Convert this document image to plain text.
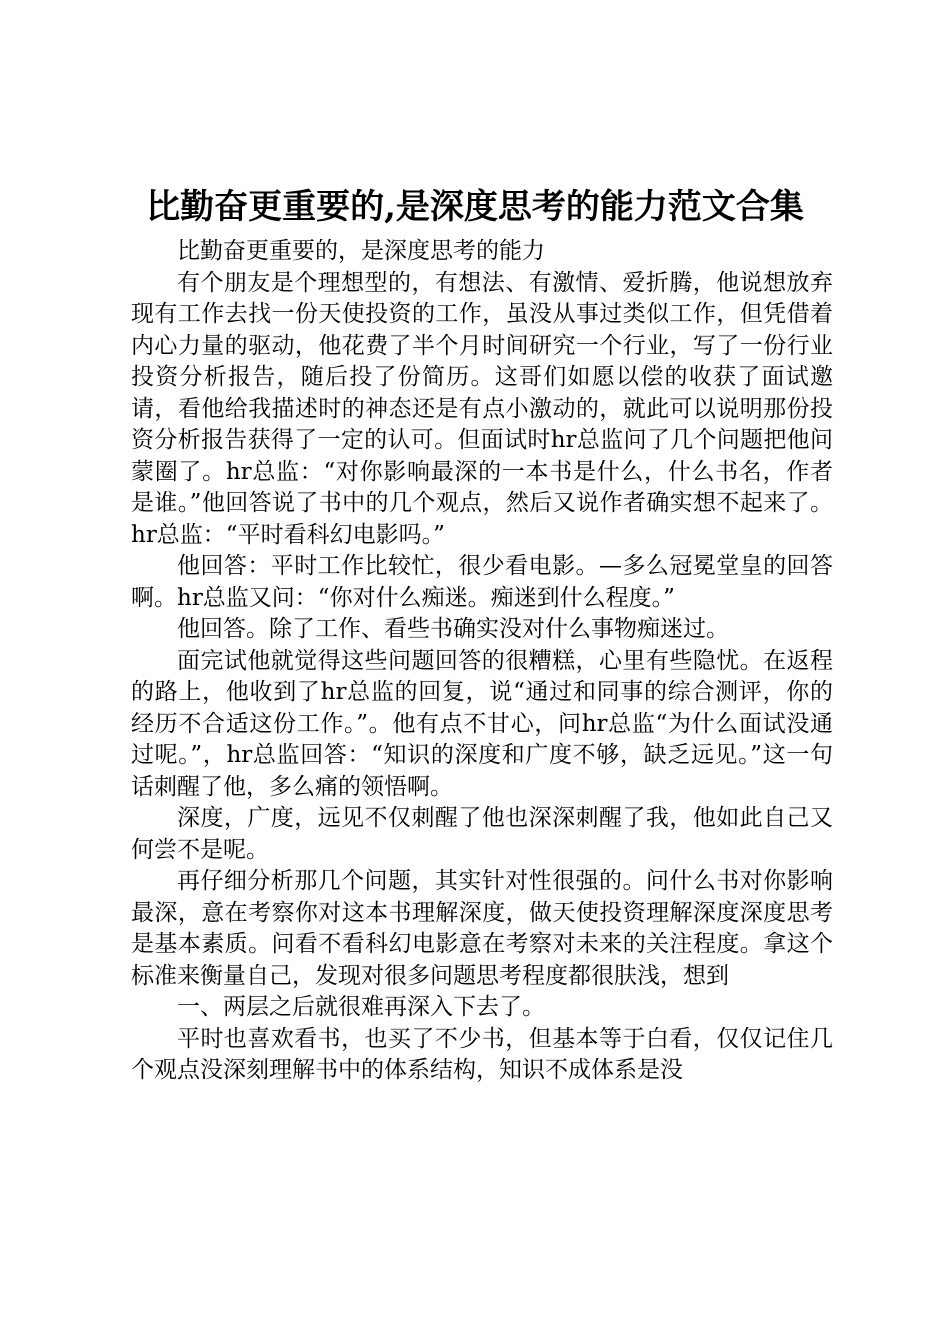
比勤奋更重要的,是深度思考的能力范文合集

比勤奋更重要的，是深度思考的能力

有个朋友是个理想型的，有想法、有激情、爱折腾，他说想放弃现有工作去找一份天使投资的工作，虽没从事过类似工作，但凭借着内心力量的驱动，他花费了半个月时间研究一个行业，写了一份行业投资分析报告，随后投了份简历。这哥们如愿以偿的收获了面试邀请，看他给我描述时的神态还是有点小激动的，就此可以说明那份投资分析报告获得了一定的认可。但面试时hr总监问了几个问题把他问蒙圈了。hr总监：“对你影响最深的一本书是什么，什么书名，作者是谁。”他回答说了书中的几个观点，然后又说作者确实想不起来了。hr总监：“平时看科幻电影吗。”

他回答：平时工作比较忙，很少看电影。—多么冠冕堂皇的回答啊。hr总监又问：“你对什么痴迷。痴迷到什么程度。”

他回答。除了工作、看些书确实没对什么事物痴迷过。

面完试他就觉得这些问题回答的很糟糕，心里有些隐忧。在返程的路上，他收到了hr总监的回复，说“通过和同事的综合测评，你的经历不合适这份工作。”。他有点不甘心，问hr总监“为什么面试没通过呢。”，hr总监回答：“知识的深度和广度不够，缺乏远见。”这一句话刺醒了他，多么痛的领悟啊。

深度，广度，远见不仅刺醒了他也深深刺醒了我，他如此自己又何尝不是呢。

再仔细分析那几个问题，其实针对性很强的。问什么书对你影响最深，意在考察你对这本书理解深度，做天使投资理解深度深度思考是基本素质。问看不看科幻电影意在考察对未来的关注程度。拿这个标准来衡量自己，发现对很多问题思考程度都很肤浅，想到

一、两层之后就很难再深入下去了。

平时也喜欢看书，也买了不少书，但基本等于白看，仅仅记住几个观点没深刻理解书中的体系结构，知识不成体系是没
